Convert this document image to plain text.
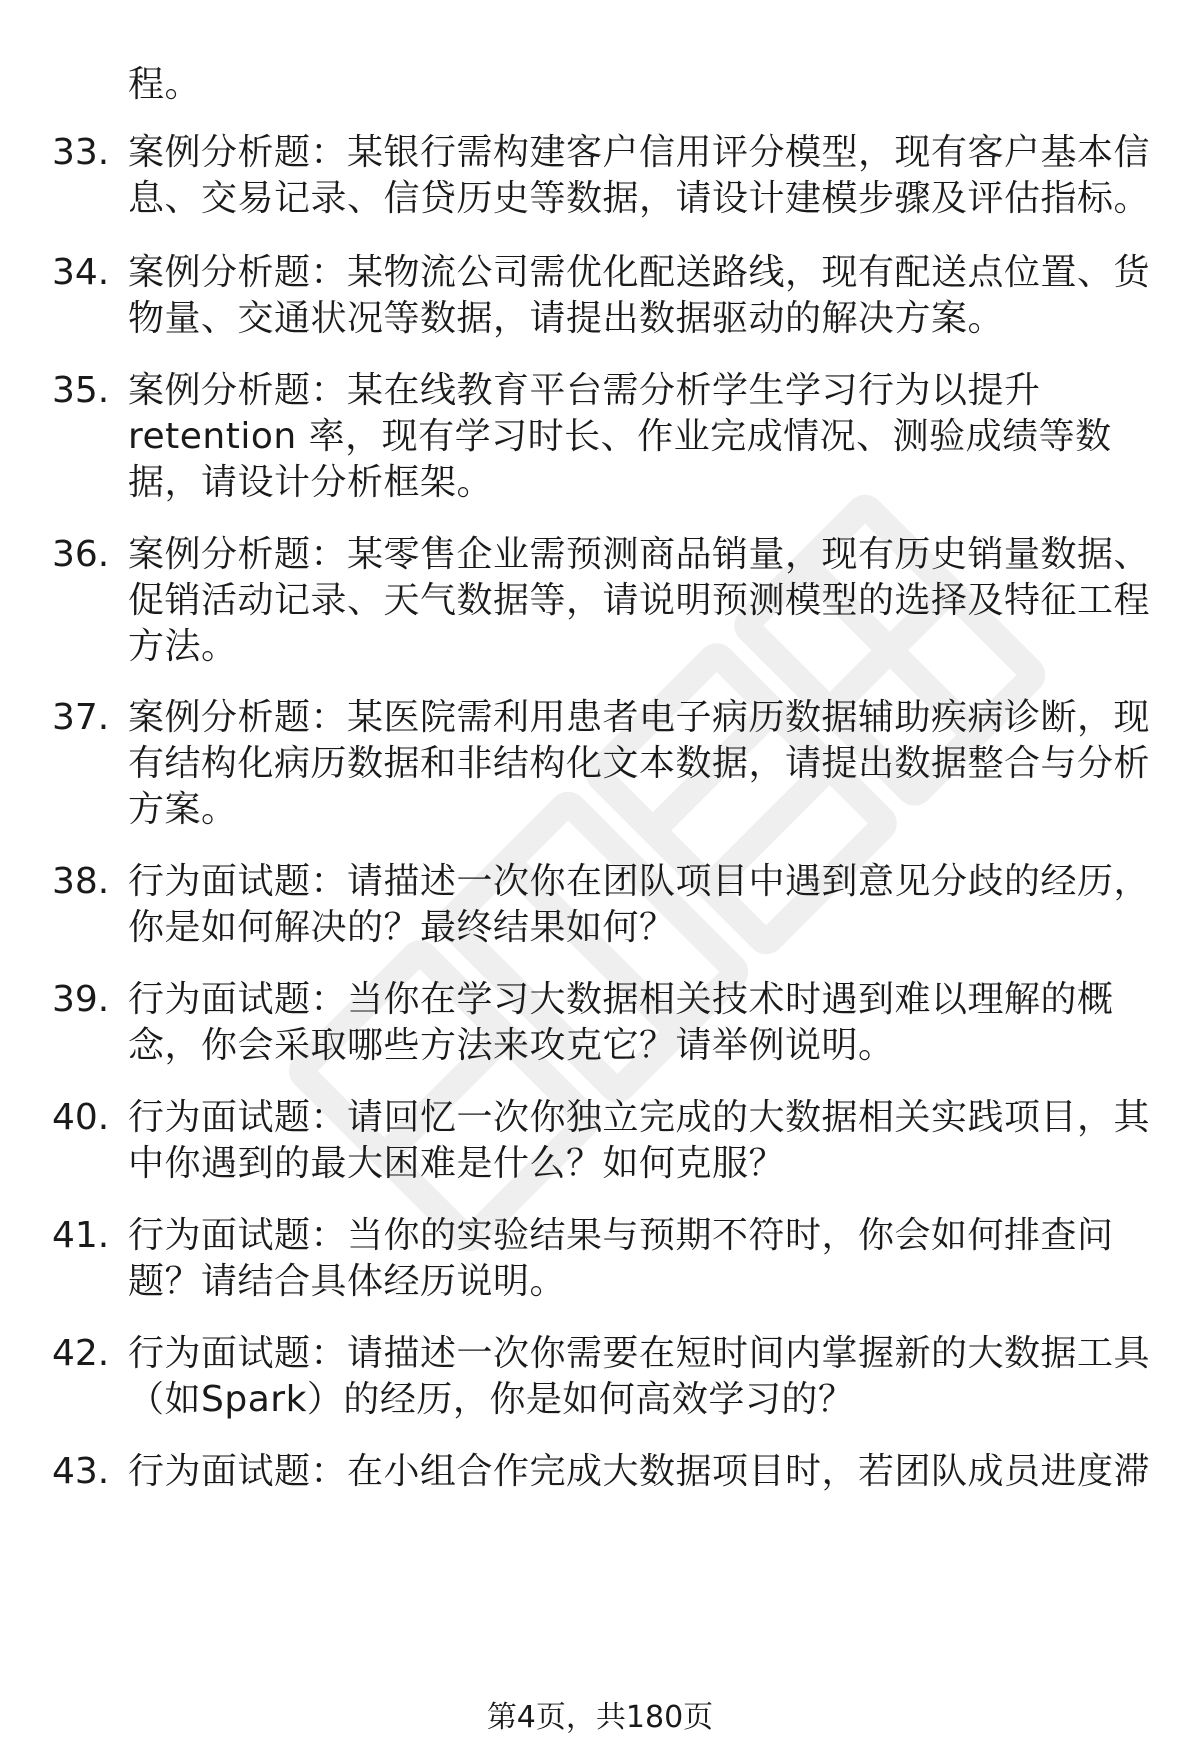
程。
33. 案例分析题：某银行需构建客户信用评分模型，现有客户基本信
息、交易记录、信贷历史等数据，请设计建模步骤及评估指标。
34. 案例分析题：某物流公司需优化配送路线，现有配送点位置、货
物量、交通状况等数据，请提出数据驱动的解决方案。
35. 案例分析题：某在线教育平台需分析学生学习行为以提升
retention 率，现有学习时长、作业完成情况、测验成绩等数
据，请设计分析框架。
36. 案例分析题：某零售企业需预测商品销量，现有历史销量数据、
促销活动记录、天气数据等，请说明预测模型的选择及特征工程
方法。
37. 案例分析题：某医院需利用患者电子病历数据辅助疾病诊断，现
有结构化病历数据和非结构化文本数据，请提出数据整合与分析
方案。
38. 行为面试题：请描述一次你在团队项目中遇到意见分歧的经历，
你是如何解决的？最终结果如何？
39. 行为面试题：当你在学习大数据相关技术时遇到难以理解的概
念，你会采取哪些方法来攻克它？请举例说明。
40. 行为面试题：请回忆一次你独立完成的大数据相关实践项目，其
中你遇到的最大困难是什么？如何克服？
41. 行为面试题：当你的实验结果与预期不符时，你会如何排查问
题？请结合具体经历说明。
42. 行为面试题：请描述一次你需要在短时间内掌握新的大数据工具
（如Spark）的经历，你是如何高效学习的？
43. 行为面试题：在小组合作完成大数据项目时，若团队成员进度滞
第4页，共180页
